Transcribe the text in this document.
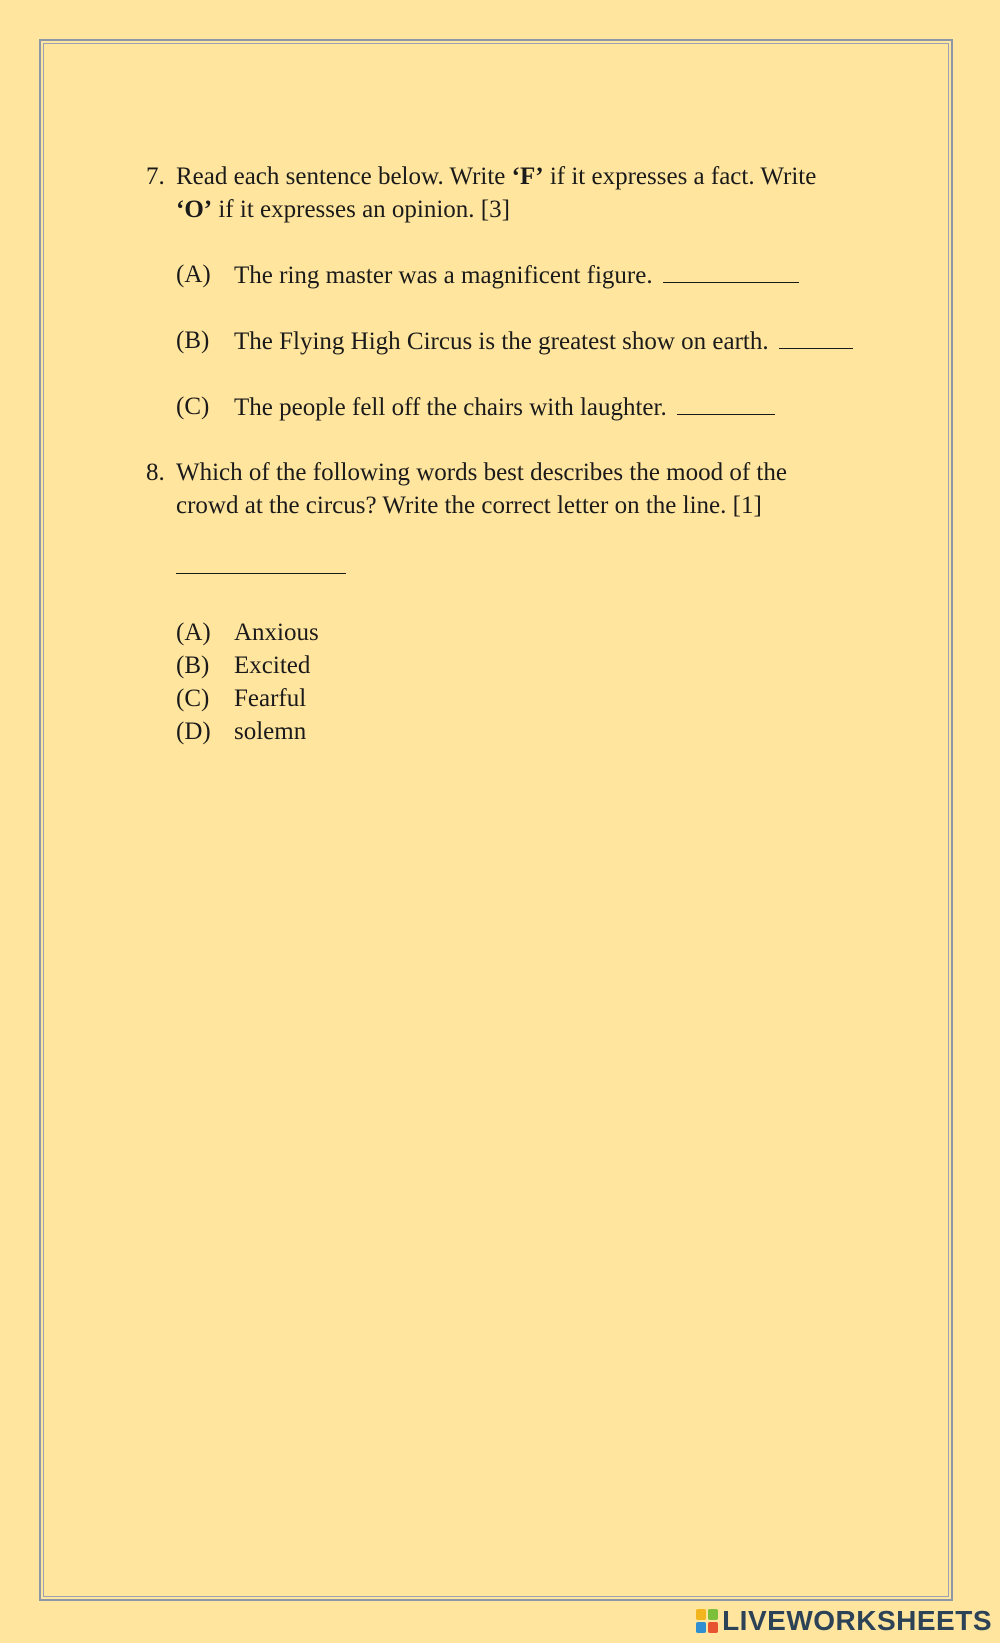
7. Read each sentence below. Write ‘F’ if it expresses a fact. Write
‘O’ if it expresses an opinion. [3]
(A) The ring master was a magnificent figure.
(B) The Flying High Circus is the greatest show on earth.
(C) The people fell off the chairs with laughter.
8. Which of the following words best describes the mood of the
crowd at the circus? Write the correct letter on the line. [1]
(A) Anxious
(B) Excited
(C) Fearful
(D) solemn
LIVEWORKSHEETS
